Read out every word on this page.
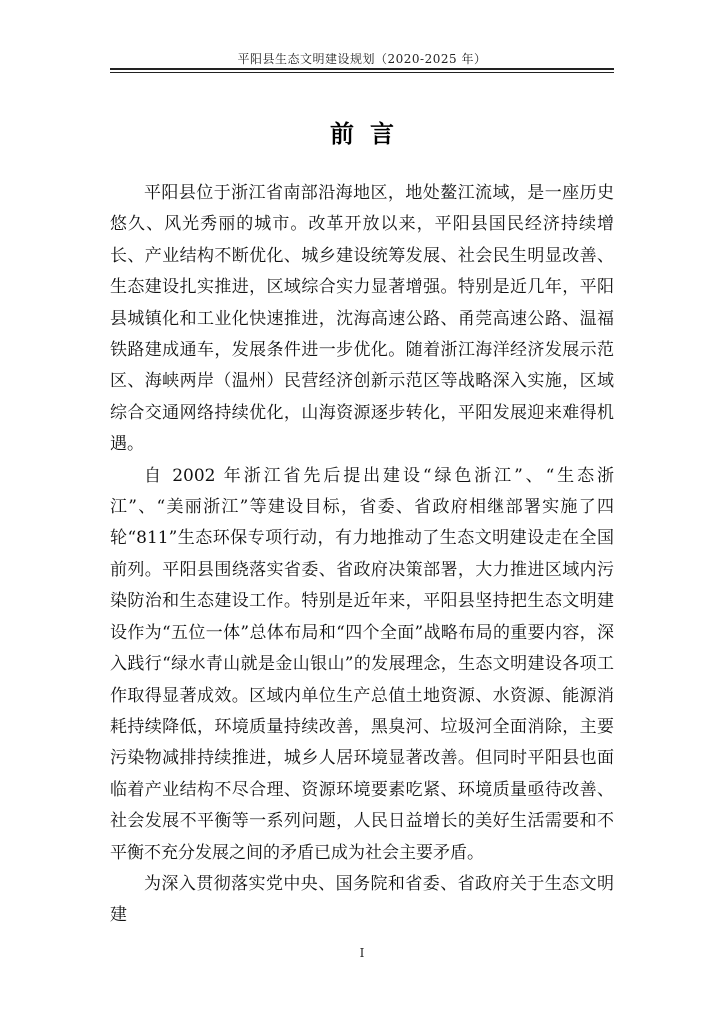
平阳县生态文明建设规划（2020-2025 年）
前言

平阳县位于浙江省南部沿海地区，地处鳌江流域，是一座历史悠久、风光秀丽的城市。改革开放以来，平阳县国民经济持续增长、产业结构不断优化、城乡建设统筹发展、社会民生明显改善、生态建设扎实推进，区域综合实力显著增强。特别是近几年，平阳县城镇化和工业化快速推进，沈海高速公路、甬莞高速公路、温福铁路建成通车，发展条件进一步优化。随着浙江海洋经济发展示范区、海峡两岸（温州）民营经济创新示范区等战略深入实施，区域综合交通网络持续优化，山海资源逐步转化，平阳发展迎来难得机遇。

自 2002 年浙江省先后提出建设“绿色浙江”、“生态浙江”、“美丽浙江”等建设目标，省委、省政府相继部署实施了四轮“811”生态环保专项行动，有力地推动了生态文明建设走在全国前列。平阳县围绕落实省委、省政府决策部署，大力推进区域内污染防治和生态建设工作。特别是近年来，平阳县坚持把生态文明建设作为“五位一体”总体布局和“四个全面”战略布局的重要内容，深入践行“绿水青山就是金山银山”的发展理念，生态文明建设各项工作取得显著成效。区域内单位生产总值土地资源、水资源、能源消耗持续降低，环境质量持续改善，黑臭河、垃圾河全面消除，主要污染物减排持续推进，城乡人居环境显著改善。但同时平阳县也面临着产业结构不尽合理、资源环境要素吃紧、环境质量亟待改善、社会发展不平衡等一系列问题，人民日益增长的美好生活需要和不平衡不充分发展之间的矛盾已成为社会主要矛盾。

为深入贯彻落实党中央、国务院和省委、省政府关于生态文明建

I
